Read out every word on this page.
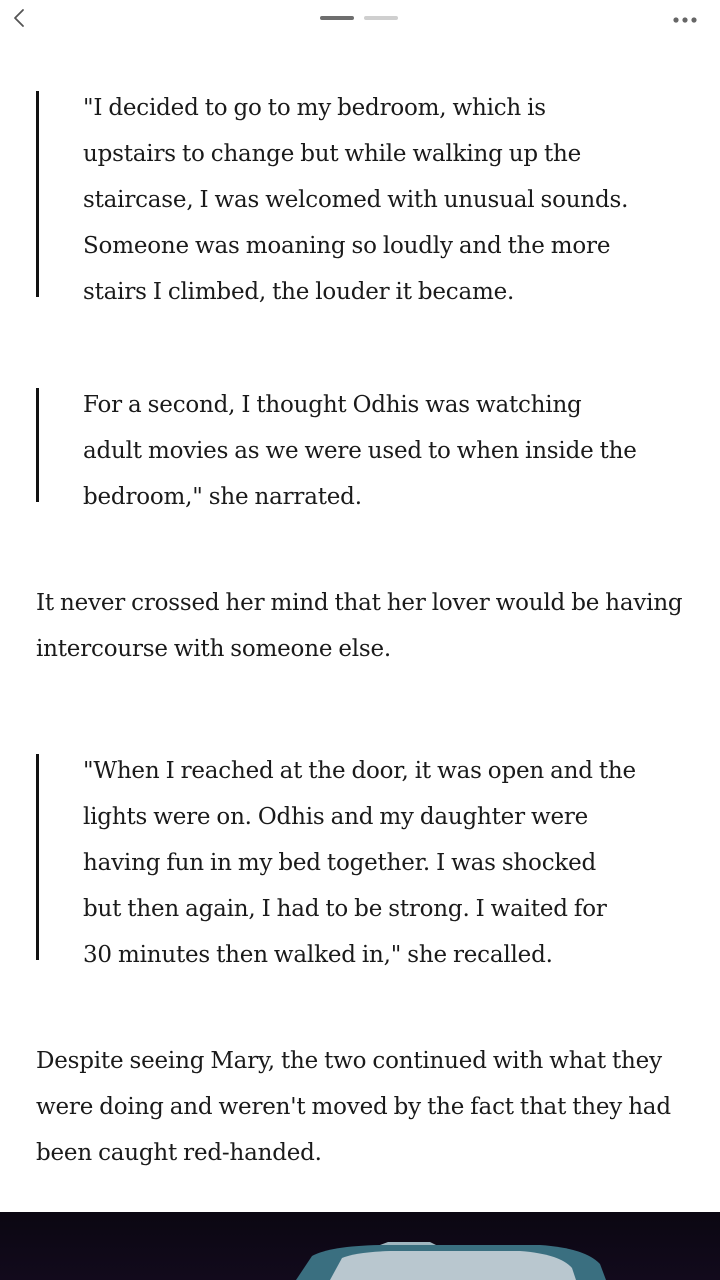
"I decided to go to my bedroom, which is upstairs to change but while walking up the staircase, I was welcomed with unusual sounds. Someone was moaning so loudly and the more stairs I climbed, the louder it became.

For a second, I thought Odhis was watching adult movies as we were used to when inside the bedroom," she narrated.

It never crossed her mind that her lover would be having intercourse with someone else.

"When I reached at the door, it was open and the lights were on. Odhis and my daughter were having fun in my bed together. I was shocked but then again, I had to be strong. I waited for 30 minutes then walked in," she recalled.

Despite seeing Mary, the two continued with what they were doing and weren't moved by the fact that they had been caught red-handed.
